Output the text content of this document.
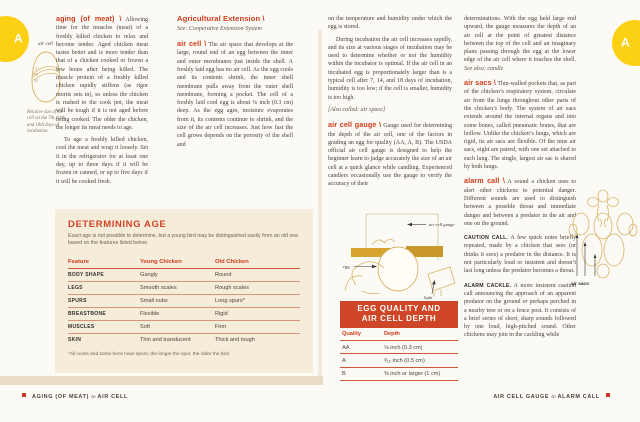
A	A
air cell
7
14
18
Relative size of air cell on the 7th, 14th, and 18th days of incubation.

aging (of meat) \ Allowing time for the muscles (meat) of a freshly killed chicken to relax and become tender. Aged chicken meat tastes better and is more tender than that of a chicken cooked or frozen a few hours after being killed. The muscle protein of a freshly killed chicken rapidly stiffens (as rigor mortis sets in), so unless the chicken is rushed to the cook pot, the meat will be tough if it is not aged before being cooked. The older the chicken, the longer its meat needs to age.

To age a freshly killed chicken, cool the meat and wrap it loosely. Set it in the refrigerator for at least one day, up to three days if it will be frozen or canned, or up to five days if it will be cooked fresh.

Agricultural Extension \
See: Cooperative Extension System

air cell \ The air space that develops at the large, round end of an egg between the inner and outer membranes just inside the shell. A freshly laid egg has no air cell. As the egg cools and its contents shrink, the inner shell membrane pulls away from the outer shell membrane, forming a pocket. The cell of a freshly laid cool egg is about ⅛ inch (0.3 cm) deep. As the egg ages, moisture evaporates from it, its contents continue to shrink, and the size of the air cell increases. Just how fast the cell grows depends on the porosity of the shell and

DETERMINING AGE

Exact age is not possible to determine, but a young bird may be distinguished easily from an old one based on the features listed below.

Feature	Young Chicken	Old Chicken
BODY SHAPE	Gangly	Round
LEGS	Smooth scales	Rough scales
SPURS	Small nubs	Long spurs*
BREASTBONE	Flexible	Rigid
MUSCLES	Soft	Firm
SKIN	Thin and translucent	Thick and tough
*All cocks and some hens have spurs; the longer the spur, the older the bird.

on the temperature and humidity under which the egg is stored.

During incubation the air cell increases rapidly, and its size at various stages of incubation may be used to determine whether or not the humidity within the incubator is optimal. If the air cell in an incubated egg is proportionately larger than is a typical cell after 7, 14, and 18 days of incubation, humidity is too low; if the cell is smaller, humidity is too high.

[Also called: air space]

air cell gauge \ Gauge used for determining the depth of the air cell, one of the factors in grading an egg for quality (AA, A, B). The USDA official air cell gauge is designed to help the beginner learn to judge accurately the size of an air cell at a quick glance while candling. Experienced candlers occasionally use the gauge to verify the accuracy of their

air cell gauge
egg
light
EGG QUALITY AND
AIR CELL DEPTH
Quality	Depth
AA	⅛ inch (0.3 cm)
A	³⁄₁₆ inch (0.5 cm)
B	⅜ inch or larger (1 cm)

determinations. With the egg held large end upward, the gauge measures the depth of an air cell at the point of greatest distance between the top of the cell and an imaginary plane passing through the egg at the lower edge of the air cell where it touches the shell. See also: candle

air sacs \ Thin-walled pockets that, as part of the chicken’s respiratory system, circulate air from the lungs throughout other parts of the chicken’s body. The system of air sacs extends around the internal organs and into some bones, called pneumatic bones, that are hollow. Unlike the chicken’s lungs, which are rigid, its air sacs are flexible. Of the nine air sacs, eight are paired, with one set attached to each lung. The single, largest air sac is shared by both lungs.

alarm call \ A sound a chicken uses to alert other chickens to potential danger. Different sounds are used to distinguish between a possible threat and immediate danger and between a predator in the air and one on the ground.

CAUTION CALL. A few quick notes briefly repeated, made by a chicken that sees (or thinks it sees) a predator in the distance. It is not particularly loud or insistent and doesn’t last long unless the predator becomes a threat.

ALARM CACKLE. A more insistent caution call announcing the approach of an apparent predator on the ground or perhaps perched in a nearby tree or on a fence post. It consists of a brief series of short, sharp sounds followed by one loud, high-pitched sound. Other chickens may join in the cackling while

air sacs
AGING (OF MEAT) to AIR CELL	AIR CELL GAUGE to ALARM CALL
